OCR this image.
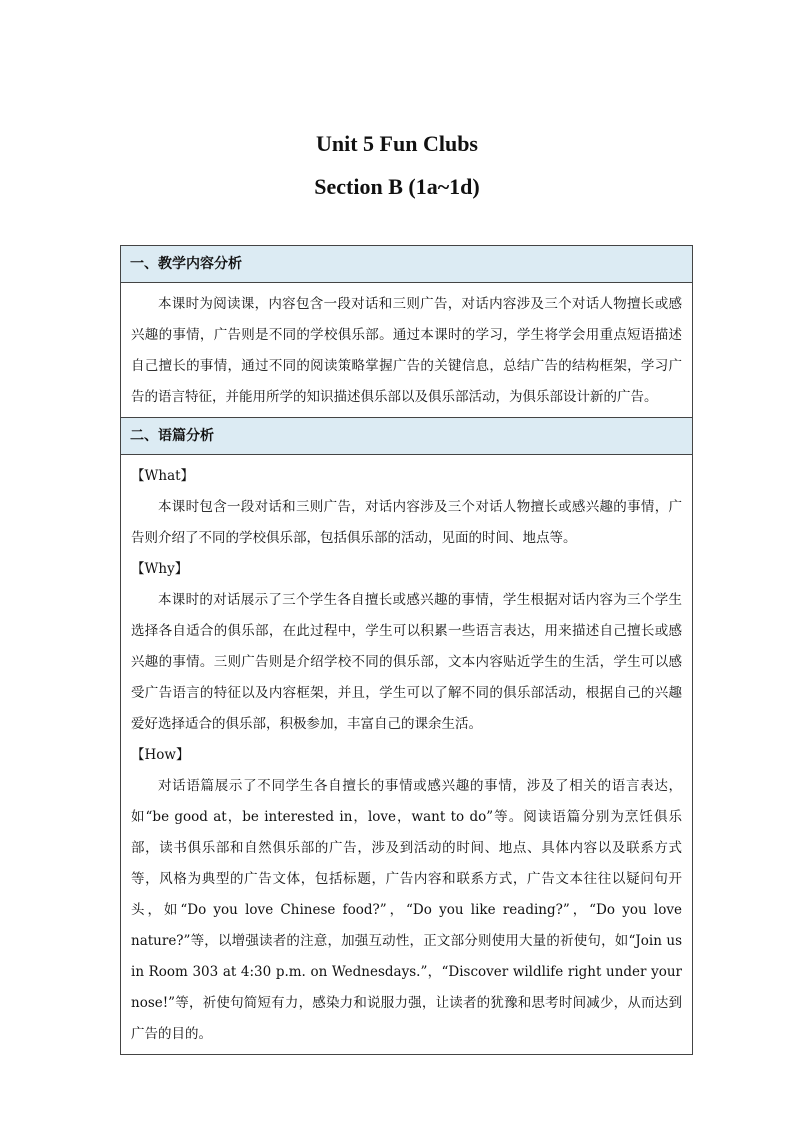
Unit 5 Fun Clubs
Section B (1a~1d)
一、教学内容分析

本课时为阅读课，内容包含一段对话和三则广告，对话内容涉及三个对话人物擅长或感兴趣的事情，广告则是不同的学校俱乐部。通过本课时的学习，学生将学会用重点短语描述自己擅长的事情，通过不同的阅读策略掌握广告的关键信息，总结广告的结构框架，学习广告的语言特征，并能用所学的知识描述俱乐部以及俱乐部活动，为俱乐部设计新的广告。

二、语篇分析
【What】

本课时包含一段对话和三则广告，对话内容涉及三个对话人物擅长或感兴趣的事情，广告则介绍了不同的学校俱乐部，包括俱乐部的活动，见面的时间、地点等。

【Why】

本课时的对话展示了三个学生各自擅长或感兴趣的事情，学生根据对话内容为三个学生选择各自适合的俱乐部，在此过程中，学生可以积累一些语言表达，用来描述自己擅长或感兴趣的事情。三则广告则是介绍学校不同的俱乐部，文本内容贴近学生的生活，学生可以感受广告语言的特征以及内容框架，并且，学生可以了解不同的俱乐部活动，根据自己的兴趣爱好选择适合的俱乐部，积极参加，丰富自己的课余生活。

【How】

对话语篇展示了不同学生各自擅长的事情或感兴趣的事情，涉及了相关的语言表达，如“be good at，be interested in，love，want to do”等。阅读语篇分别为烹饪俱乐部，读书俱乐部和自然俱乐部的广告，涉及到活动的时间、地点、具体内容以及联系方式等，风格为典型的广告文体，包括标题，广告内容和联系方式，广告文本往往以疑问句开头，如“Do you love Chinese food?”，“Do you like reading?”，“Do you love nature?”等，以增强读者的注意，加强互动性，正文部分则使用大量的祈使句，如“Join us in Room 303 at 4:30 p.m. on Wednesdays.”，“Discover wildlife right under your nose!”等，祈使句简短有力，感染力和说服力强，让读者的犹豫和思考时间减少，从而达到广告的目的。
